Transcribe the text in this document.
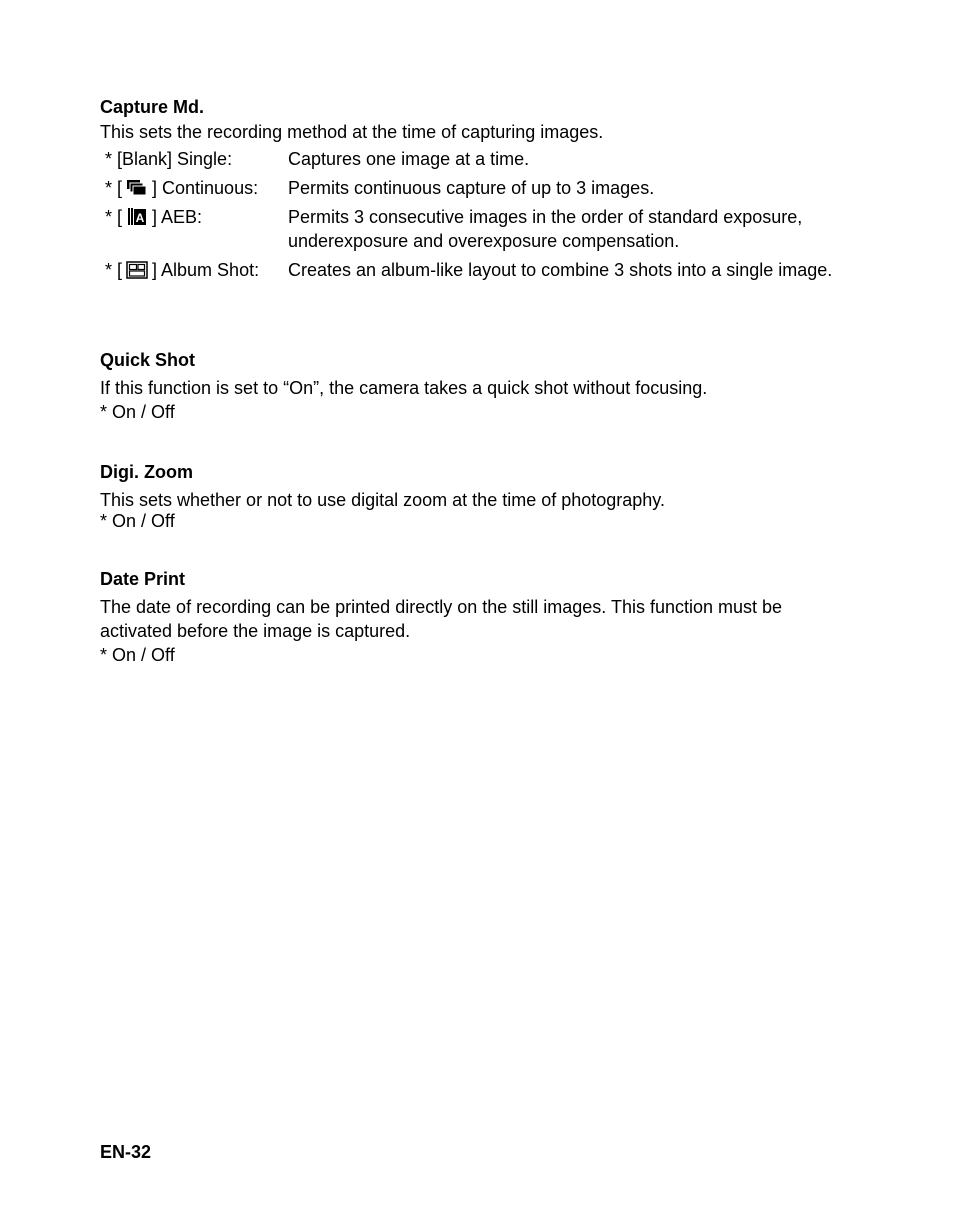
Capture Md.
This sets the recording method at the time of capturing images.
* [Blank] Single:	Captures one image at a time.
* [ ] Continuous: Permits continuous capture of up to 3 images.
* [ A ] AEB:	Permits 3 consecutive images in the order of standard exposure, underexposure and overexposure compensation.
* [ ] Album Shot: Creates an album-like layout to combine 3 shots into a single image.
Quick Shot
If this function is set to “On”, the camera takes a quick shot without focusing.
* On / Off
Digi. Zoom
This sets whether or not to use digital zoom at the time of photography.
* On / Off
Date Print
The date of recording can be printed directly on the still images. This function must be activated before the image is captured.
* On / Off
EN-32
